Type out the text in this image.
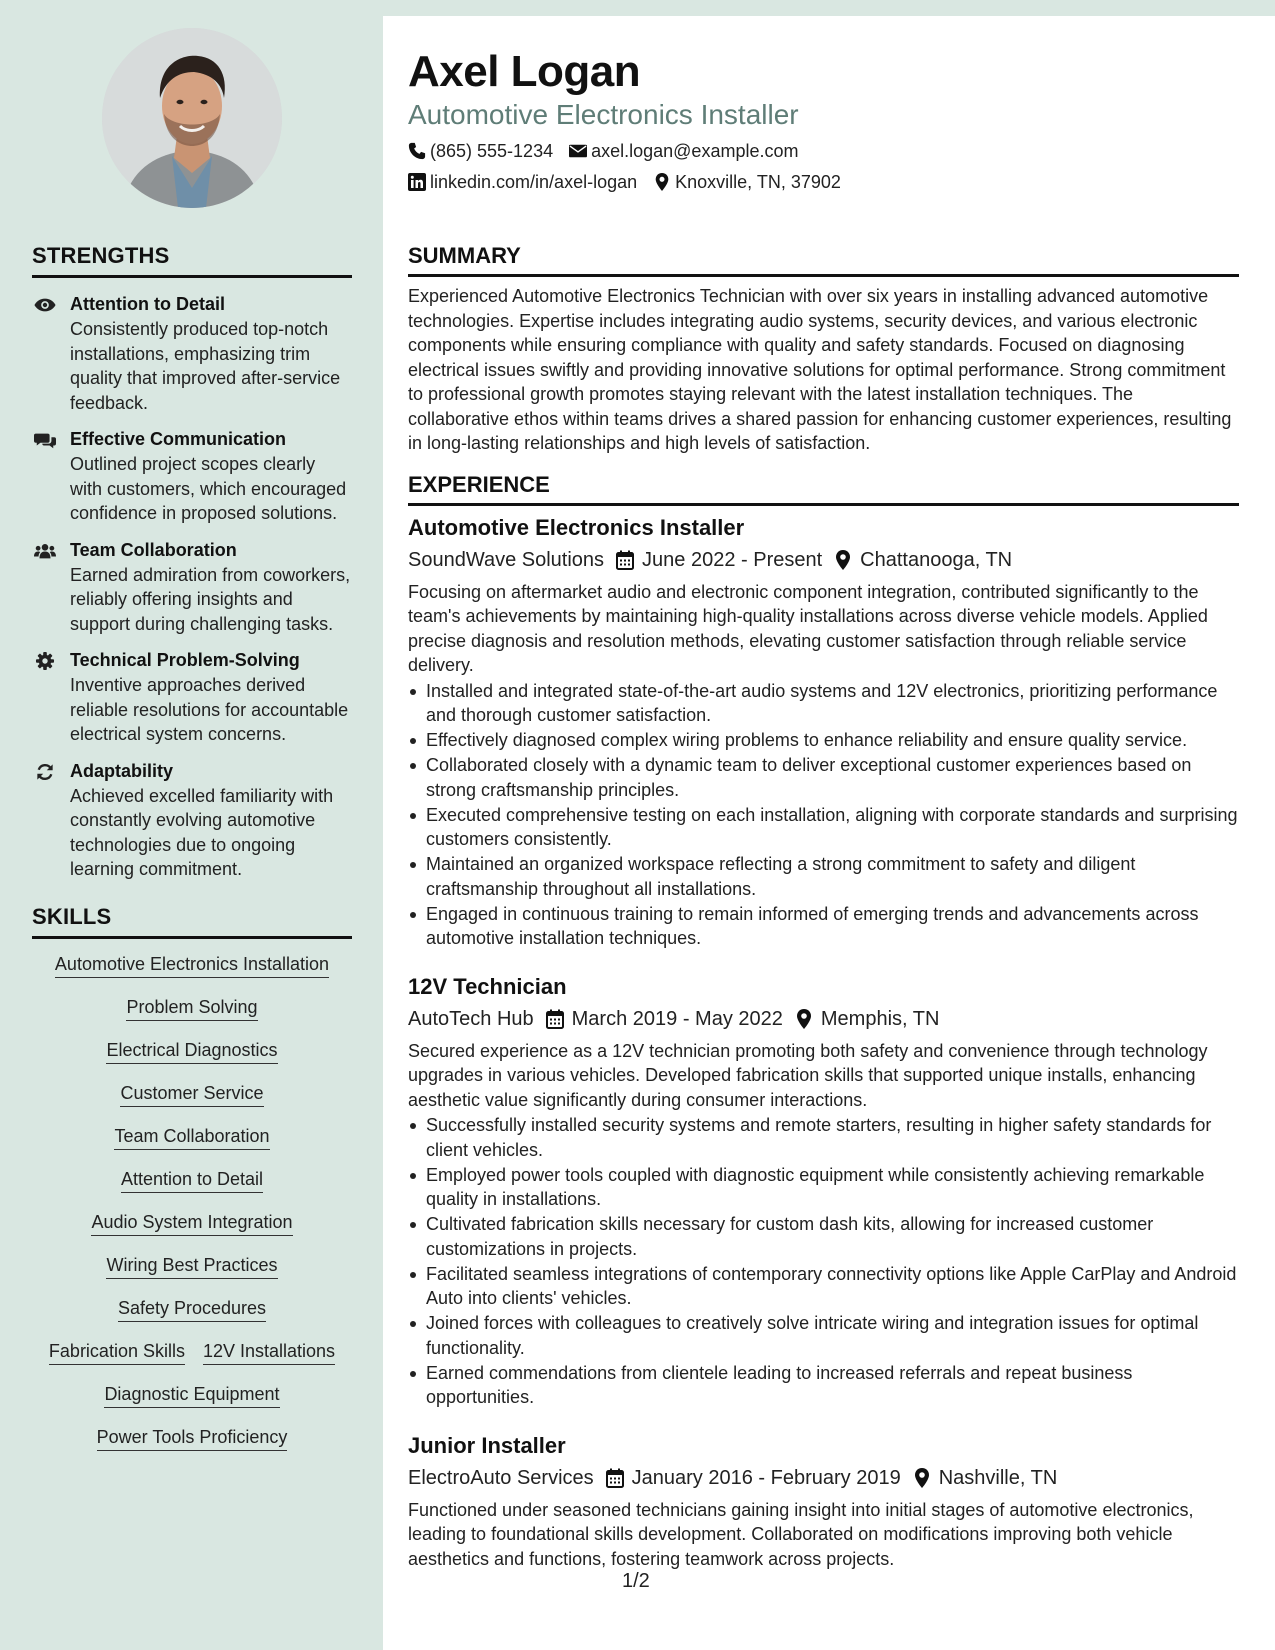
STRENGTHS
Attention to Detail
Consistently produced top-notch installations, emphasizing trim quality that improved after-service feedback.
Effective Communication
Outlined project scopes clearly with customers, which encouraged confidence in proposed solutions.
Team Collaboration
Earned admiration from coworkers, reliably offering insights and support during challenging tasks.
Technical Problem-Solving
Inventive approaches derived reliable resolutions for accountable electrical system concerns.
Adaptability
Achieved excelled familiarity with constantly evolving automotive technologies due to ongoing learning commitment.
SKILLS
Automotive Electronics Installation
Problem Solving
Electrical Diagnostics
Customer Service
Team Collaboration
Attention to Detail
Audio System Integration
Wiring Best Practices
Safety Procedures
Fabrication Skills 12V Installations
Diagnostic Equipment
Power Tools Proficiency
Axel Logan
Automotive Electronics Installer
(865) 555-1234 axel.logan@example.com
linkedin.com/in/axel-logan Knoxville, TN, 37902
SUMMARY
Experienced Automotive Electronics Technician with over six years in installing advanced automotive technologies. Expertise includes integrating audio systems, security devices, and various electronic components while ensuring compliance with quality and safety standards. Focused on diagnosing electrical issues swiftly and providing innovative solutions for optimal performance. Strong commitment to professional growth promotes staying relevant with the latest installation techniques. The collaborative ethos within teams drives a shared passion for enhancing customer experiences, resulting in long-lasting relationships and high levels of satisfaction.
EXPERIENCE
Automotive Electronics Installer
SoundWave Solutions June 2022 - Present Chattanooga, TN
Focusing on aftermarket audio and electronic component integration, contributed significantly to the team's achievements by maintaining high-quality installations across diverse vehicle models. Applied precise diagnosis and resolution methods, elevating customer satisfaction through reliable service delivery.
Installed and integrated state-of-the-art audio systems and 12V electronics, prioritizing performance and thorough customer satisfaction.
Effectively diagnosed complex wiring problems to enhance reliability and ensure quality service.
Collaborated closely with a dynamic team to deliver exceptional customer experiences based on strong craftsmanship principles.
Executed comprehensive testing on each installation, aligning with corporate standards and surprising customers consistently.
Maintained an organized workspace reflecting a strong commitment to safety and diligent craftsmanship throughout all installations.
Engaged in continuous training to remain informed of emerging trends and advancements across automotive installation techniques.
12V Technician
AutoTech Hub March 2019 - May 2022 Memphis, TN
Secured experience as a 12V technician promoting both safety and convenience through technology upgrades in various vehicles. Developed fabrication skills that supported unique installs, enhancing aesthetic value significantly during consumer interactions.
Successfully installed security systems and remote starters, resulting in higher safety standards for client vehicles.
Employed power tools coupled with diagnostic equipment while consistently achieving remarkable quality in installations.
Cultivated fabrication skills necessary for custom dash kits, allowing for increased customer customizations in projects.
Facilitated seamless integrations of contemporary connectivity options like Apple CarPlay and Android Auto into clients' vehicles.
Joined forces with colleagues to creatively solve intricate wiring and integration issues for optimal functionality.
Earned commendations from clientele leading to increased referrals and repeat business opportunities.
Junior Installer
ElectroAuto Services January 2016 - February 2019 Nashville, TN
Functioned under seasoned technicians gaining insight into initial stages of automotive electronics, leading to foundational skills development. Collaborated on modifications improving both vehicle aesthetics and functions, fostering teamwork across projects.
1/2
